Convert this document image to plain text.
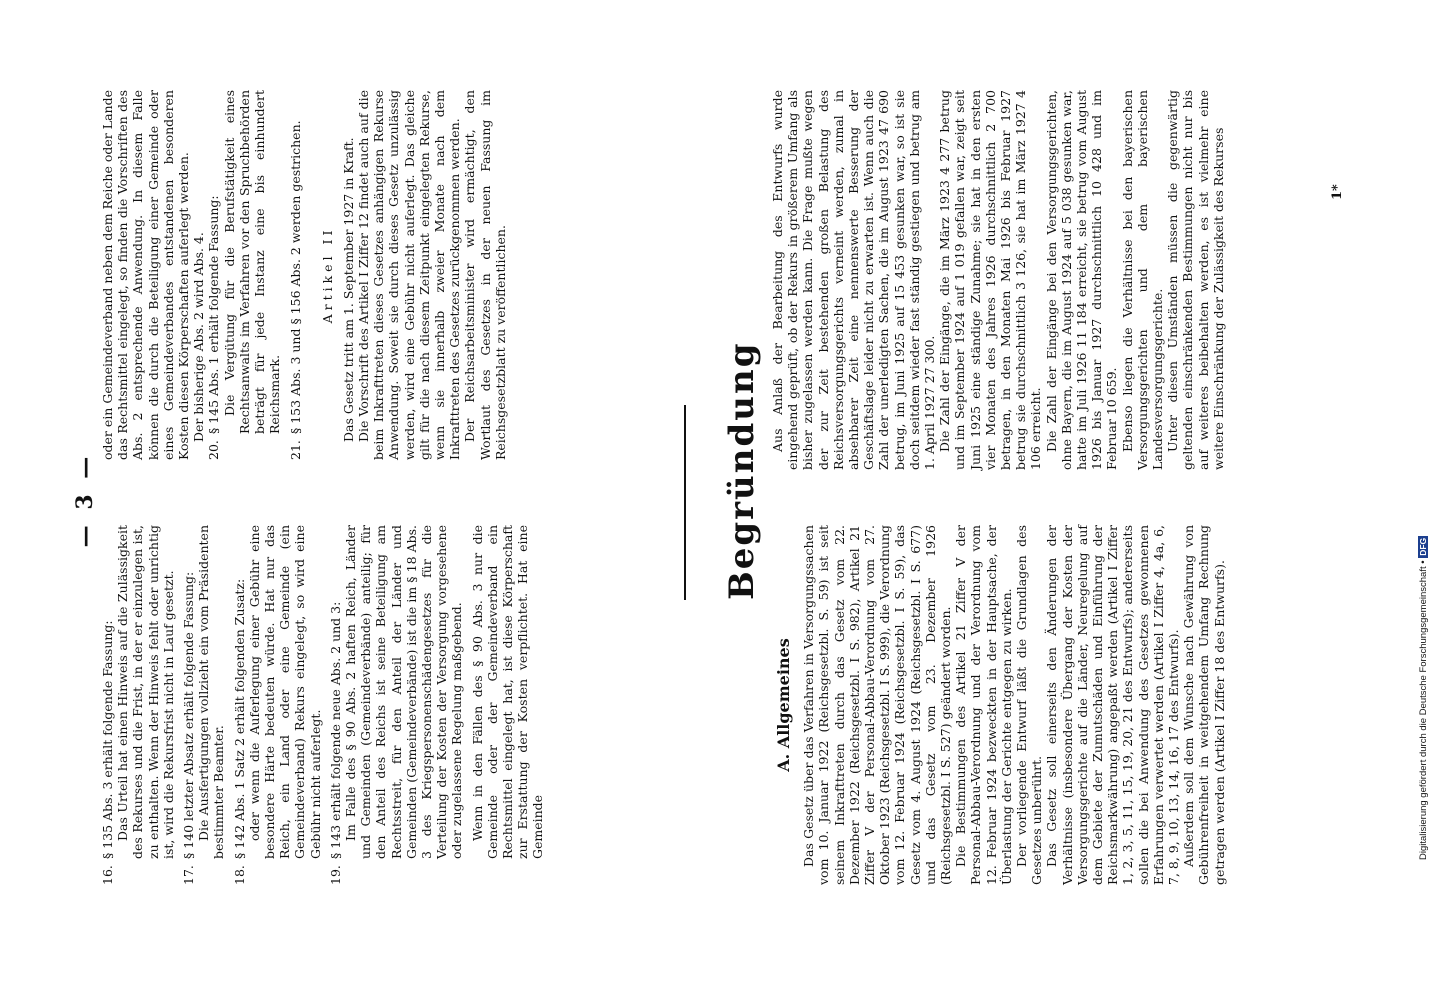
— 3 —
16.

§ 135 Abs. 3 erhält folgende Fassung: Das Urteil hat einen Hinweis auf die Zulässigkeit des Rekurses und die Frist, in der er einzulegen ist, zu enthalten. Wenn der Hinweis fehlt oder unrichtig ist, wird die Rekursfrist nicht in Lauf gesetzt.

17.

§ 140 letzter Absatz erhält folgende Fassung: Die Ausfertigungen vollzieht ein vom Präsidenten bestimmter Beamter.

18.

§ 142 Abs. 1 Satz 2 erhält folgenden Zusatz: oder wenn die Auferlegung einer Gebühr eine besondere Härte bedeuten würde. Hat nur das Reich, ein Land oder eine Gemeinde (ein Gemeindeverband) Rekurs eingelegt, so wird eine Gebühr nicht auferlegt.

19.

§ 143 erhält folgende neue Abs. 2 und 3: Im Falle des § 90 Abs. 2 haften Reich, Länder und Gemeinden (Gemeindeverbände) anteilig; für den Anteil des Reichs ist seine Beteiligung am Rechtsstreit, für den Anteil der Länder und Gemeinden (Gemeindeverbände) ist die im § 18 Abs. 3 des Kriegspersonenschädengesetzes für die Verteilung der Kosten der Versorgung vorgesehene oder zugelassene Regelung maßgebend. Wenn in den Fällen des § 90 Abs. 3 nur die Gemeinde oder der Gemeindeverband ein Rechtsmittel eingelegt hat, ist diese Körperschaft zur Erstattung der Kosten verpflichtet. Hat eine Gemeinde

oder ein Gemeindeverband neben dem Reiche oder Lande das Rechtsmittel eingelegt, so finden die Vorschriften des Abs. 2 entsprechende Anwendung. In diesem Falle können die durch die Beteiligung einer Gemeinde oder eines Gemeindeverbandes entstandenen besonderen Kosten diesen Körperschaften auferlegt werden. Der bisherige Abs. 2 wird Abs. 4.

20.

§ 145 Abs. 1 erhält folgende Fassung: Die Vergütung für die Berufstätigkeit eines Rechtsanwalts im Verfahren vor den Spruchbehörden beträgt für jede Instanz eine bis einhundert Reichsmark.

21.

§ 153 Abs. 3 und § 156 Abs. 2 werden gestrichen. Artikel II Das Gesetz tritt am 1. September 1927 in Kraft. Die Vorschrift des Artikel I Ziffer 12 findet auch auf die beim Inkrafttreten dieses Gesetzes anhängigen Rekurse Anwendung. Soweit sie durch dieses Gesetz unzulässig werden, wird eine Gebühr nicht auferlegt. Das gleiche gilt für die nach diesem Zeitpunkt eingelegten Rekurse, wenn sie innerhalb zweier Monate nach dem Inkrafttreten des Gesetzes zurückgenommen werden. Der Reichsarbeitsminister wird ermächtigt, den Wortlaut des Gesetzes in der neuen Fassung im Reichsgesetzblatt zu veröffentlichen.	Begründung
A. Allgemeines Das Gesetz über das Verfahren in Versorgungssachen vom 10. Januar 1922 (Reichsgesetzbl. S. 59) ist seit seinem Inkrafttreten durch das Gesetz vom 22. Dezember 1922 (Reichsgesetzbl. I S. 982), Artikel 21 Ziffer V der Personal-Abbau-Verordnung vom 27. Oktober 1923 (Reichsgesetzbl. I S. 999), die Verordnung vom 12. Februar 1924 (Reichsgesetzbl. I S. 59), das Gesetz vom 4. August 1924 (Reichsgesetzbl. I S. 677) und das Gesetz vom 23. Dezember 1926 (Reichsgesetzbl. I S. 527) geändert worden. Die Bestimmungen des Artikel 21 Ziffer V der Personal-Abbau-Verordnung und der Verordnung vom 12. Februar 1924 bezweckten in der Hauptsache, der Überlastung der Gerichte entgegen zu wirken. Der vorliegende Entwurf läßt die Grundlagen des Gesetzes unberührt. Das Gesetz soll einerseits den Änderungen der Verhältnisse (insbesondere Übergang der Kosten der Versorgungsgerichte auf die Länder, Neuregelung auf dem Gebiete der Zumutschäden und Einführung der Reichsmarkwährung) angepaßt werden (Artikel I Ziffer 1, 2, 3, 5, 11, 15, 19, 20, 21 des Entwurfs); andererseits sollen die bei Anwendung des Gesetzes gewonnenen Erfahrungen verwertet werden (Artikel I Ziffer 4, 4a, 6, 7, 8, 9, 10, 13, 14, 16, 17 des Entwurfs). Außerdem soll dem Wunsche nach Gewährung von Gebührenfreiheit in weitgehendem Umfang Rechnung getragen werden (Artikel I Ziffer 18 des Entwurfs).

Aus Anlaß der Bearbeitung des Entwurfs wurde eingehend geprüft, ob der Rekurs in größerem Umfang als bisher zugelassen werden kann. Die Frage mußte wegen der zur Zeit bestehenden großen Belastung des Reichsversorgungsgerichts verneint werden, zumal in absehbarer Zeit eine nennenswerte Besserung der Geschäftslage leider nicht zu erwarten ist. Wenn auch die Zahl der unerledigten Sachen, die im August 1923 47 690 betrug, im Juni 1925 auf 15 453 gesunken war, so ist sie doch seitdem wieder fast ständig gestiegen und betrug am 1. April 1927 27 300. Die Zahl der Eingänge, die im März 1923 4 277 betrug und im September 1924 auf 1 019 gefallen war, zeigt seit Juni 1925 eine ständige Zunahme; sie hat in den ersten vier Monaten des Jahres 1926 durchschnittlich 2 700 betragen, in den Monaten Mai 1926 bis Februar 1927 betrug sie durchschnittlich 3 126, sie hat im März 1927 4 106 erreicht. Die Zahl der Eingänge bei den Versorgungsgerichten, ohne Bayern, die im August 1924 auf 5 038 gesunken war, hatte im Juli 1926 11 184 erreicht, sie betrug vom August 1926 bis Januar 1927 durchschnittlich 10 428 und im Februar 10 659. Ebenso liegen die Verhältnisse bei den bayerischen Versorgungsgerichten und dem bayerischen Landesversorgungsgerichte. Unter diesen Umständen müssen die gegenwärtig geltenden einschränkenden Bestimmungen nicht nur bis auf weiteres beibehalten werden, es ist vielmehr eine weitere Einschränkung der Zulässigkeit des Rekurses	1*
Digitalisierung gefördert durch die Deutsche Forschungsgemeinschaft • DFG
